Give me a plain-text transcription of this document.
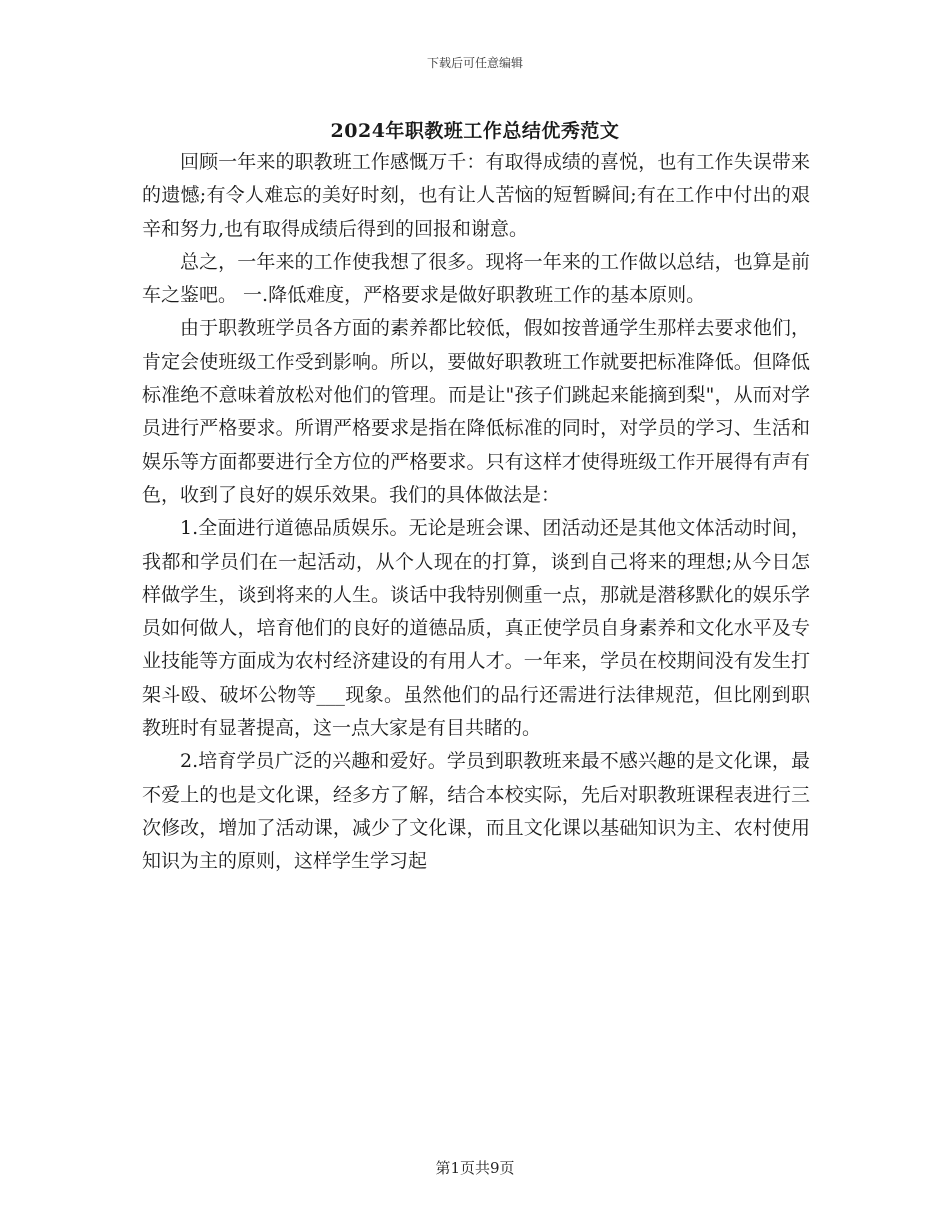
下载后可任意编辑
2024年职教班工作总结优秀范文

回顾一年来的职教班工作感慨万千：有取得成绩的喜悦，也有工作失误带来的遗憾;有令人难忘的美好时刻，也有让人苦恼的短暂瞬间;有在工作中付出的艰辛和努力,也有取得成绩后得到的回报和谢意。

总之，一年来的工作使我想了很多。现将一年来的工作做以总结，也算是前车之鉴吧。 一.降低难度，严格要求是做好职教班工作的基本原则。

由于职教班学员各方面的素养都比较低，假如按普通学生那样去要求他们，肯定会使班级工作受到影响。所以，要做好职教班工作就要把标准降低。但降低标准绝不意味着放松对他们的管理。而是让"孩子们跳起来能摘到梨"，从而对学员进行严格要求。所谓严格要求是指在降低标准的同时，对学员的学习、生活和娱乐等方面都要进行全方位的严格要求。只有这样才使得班级工作开展得有声有色，收到了良好的娱乐效果。我们的具体做法是：

1.全面进行道德品质娱乐。无论是班会课、团活动还是其他文体活动时间，我都和学员们在一起活动，从个人现在的打算，谈到自己将来的理想;从今日怎样做学生，谈到将来的人生。谈话中我特别侧重一点，那就是潜移默化的娱乐学员如何做人，培育他们的良好的道德品质，真正使学员自身素养和文化水平及专业技能等方面成为农村经济建设的有用人才。一年来，学员在校期间没有发生打架斗殴、破坏公物等___现象。虽然他们的品行还需进行法律规范，但比刚到职教班时有显著提高，这一点大家是有目共睹的。

2.培育学员广泛的兴趣和爱好。学员到职教班来最不感兴趣的是文化课，最不爱上的也是文化课，经多方了解，结合本校实际，先后对职教班课程表进行三次修改，增加了活动课，减少了文化课，而且文化课以基础知识为主、农村使用知识为主的原则，这样学生学习起

第1页共9页
